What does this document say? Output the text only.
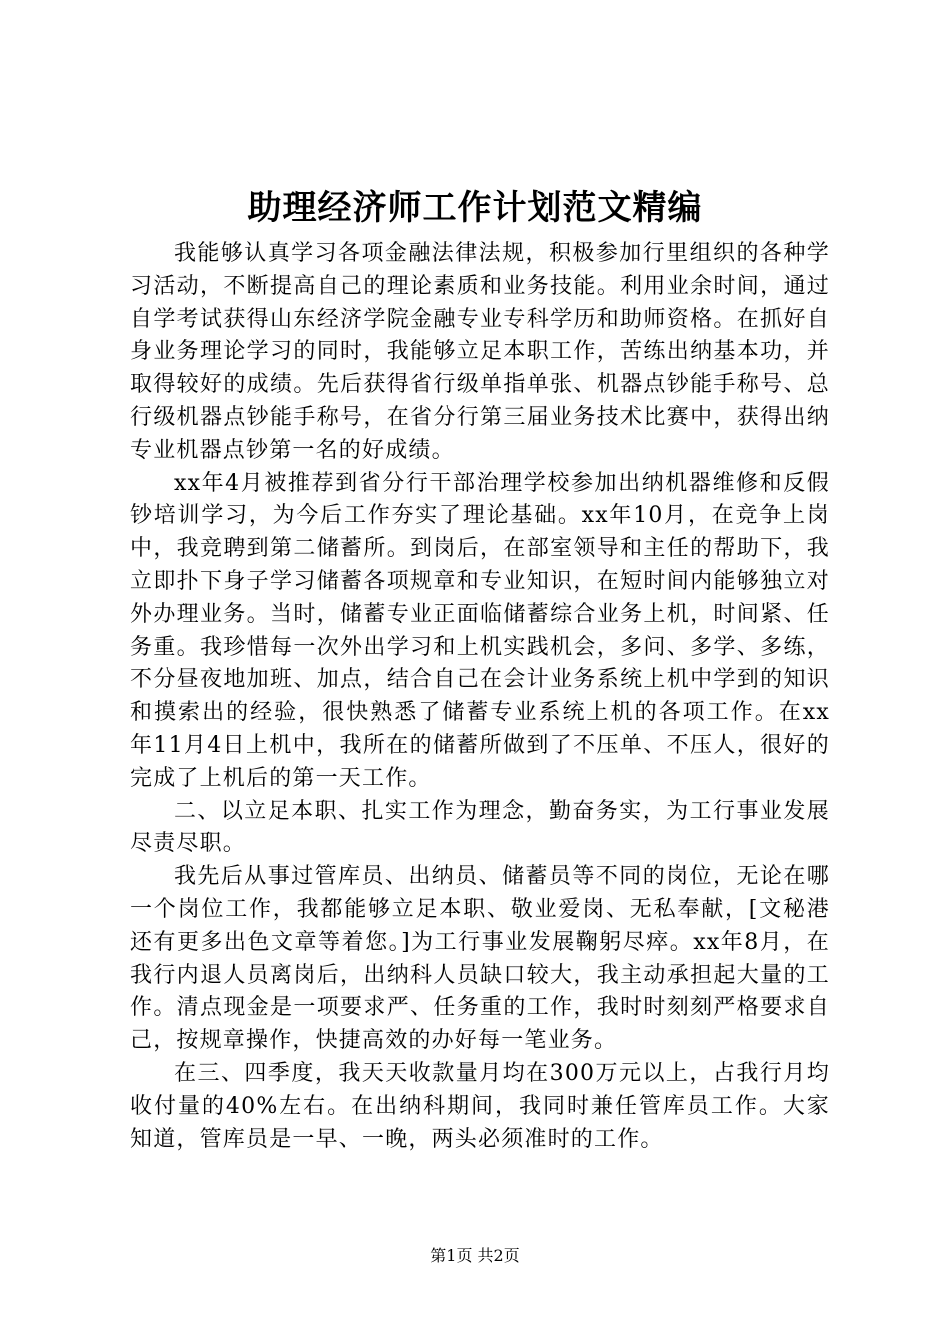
助理经济师工作计划范文精编

我能够认真学习各项金融法律法规，积极参加行里组织的各种学习活动，不断提高自己的理论素质和业务技能。利用业余时间，通过自学考试获得山东经济学院金融专业专科学历和助师资格。在抓好自身业务理论学习的同时，我能够立足本职工作，苦练出纳基本功，并取得较好的成绩。先后获得省行级单指单张、机器点钞能手称号、总行级机器点钞能手称号，在省分行第三届业务技术比赛中，获得出纳专业机器点钞第一名的好成绩。

xx年4月被推荐到省分行干部治理学校参加出纳机器维修和反假钞培训学习，为今后工作夯实了理论基础。xx年10月，在竞争上岗中，我竞聘到第二储蓄所。到岗后，在部室领导和主任的帮助下，我立即扑下身子学习储蓄各项规章和专业知识，在短时间内能够独立对外办理业务。当时，储蓄专业正面临储蓄综合业务上机，时间紧、任务重。我珍惜每一次外出学习和上机实践机会，多问、多学、多练，不分昼夜地加班、加点，结合自己在会计业务系统上机中学到的知识和摸索出的经验，很快熟悉了储蓄专业系统上机的各项工作。在xx年11月4日上机中，我所在的储蓄所做到了不压单、不压人，很好的完成了上机后的第一天工作。

二、以立足本职、扎实工作为理念，勤奋务实，为工行事业发展尽责尽职。

我先后从事过管库员、出纳员、储蓄员等不同的岗位，无论在哪一个岗位工作，我都能够立足本职、敬业爱岗、无私奉献，[文秘港还有更多出色文章等着您。]为工行事业发展鞠躬尽瘁。xx年8月，在我行内退人员离岗后，出纳科人员缺口较大，我主动承担起大量的工作。清点现金是一项要求严、任务重的工作，我时时刻刻严格要求自己，按规章操作，快捷高效的办好每一笔业务。

在三、四季度，我天天收款量月均在300万元以上，占我行月均收付量的40%左右。在出纳科期间，我同时兼任管库员工作。大家知道，管库员是一早、一晚，两头必须准时的工作。

第1页 共2页
